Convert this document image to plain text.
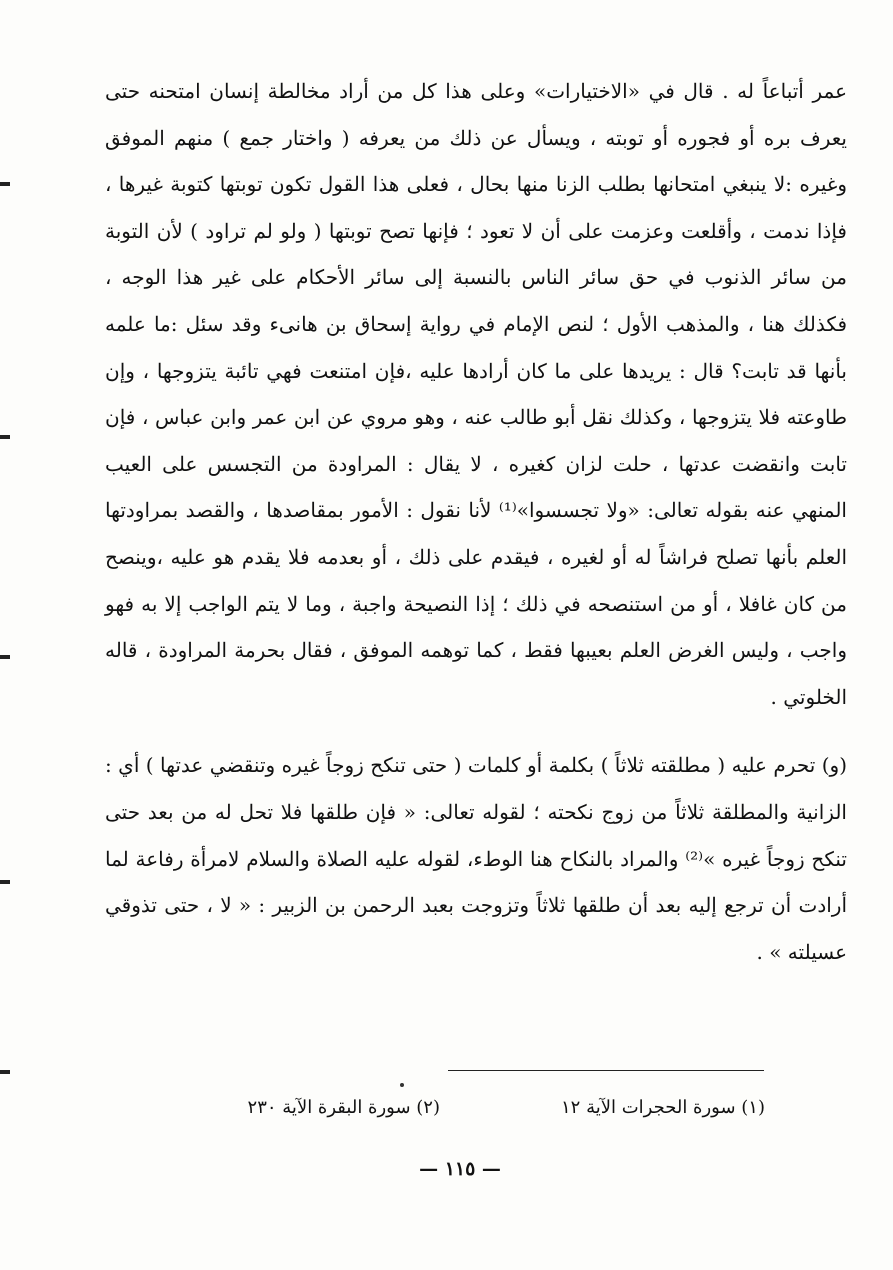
عمر أتباعاً له . قال في «الاختيارات» وعلى هذا كل من أراد مخالطة إنسان امتحنه حتى يعرف بره أو فجوره أو توبته ، ويسأل عن ذلك من يعرفه ( واختار جمع ) منهم الموفق وغيره :لا ينبغي امتحانها بطلب الزنا منها بحال ، فعلى هذا القول تكون توبتها كتوبة غيرها ، فإذا ندمت ، وأقلعت وعزمت على أن لا تعود ؛ فإنها تصح توبتها ( ولو لم تراود ) لأن التوبة من سائر الذنوب في حق سائر الناس بالنسبة إلى سائر الأحكام على غير هذا الوجه ، فكذلك هنا ، والمذهب الأول ؛ لنص الإمام في رواية إسحاق بن هانىء وقد سئل :ما علمه بأنها قد تابت؟ قال : يريدها على ما كان أرادها عليه ،فإن امتنعت فهي تائبة يتزوجها ، وإن طاوعته فلا يتزوجها ، وكذلك نقل أبو طالب عنه ، وهو مروي عن ابن عمر وابن عباس ، فإن تابت وانقضت عدتها ، حلت لزان كغيره ، لا يقال : المراودة من التجسس على العيب المنهي عنه بقوله تعالى: «ولا تجسسوا»⁽¹⁾ لأنا نقول : الأمور بمقاصدها ، والقصد بمراودتها العلم بأنها تصلح فراشاً له أو لغيره ، فيقدم على ذلك ، أو بعدمه فلا يقدم هو عليه ،وينصح من كان غافلا ، أو من استنصحه في ذلك ؛ إذا النصيحة واجبة ، وما لا يتم الواجب إلا به فهو واجب ، وليس الغرض العلم بعيبها فقط ، كما توهمه الموفق ، فقال بحرمة المراودة ، قاله الخلوتي .

(و) تحرم عليه ( مطلقته ثلاثاً ) بكلمة أو كلمات ( حتى تنكح زوجاً غيره وتنقضي عدتها ) أي : الزانية والمطلقة ثلاثاً من زوج نكحته ؛ لقوله تعالى: « فإن طلقها فلا تحل له من بعد حتى تنكح زوجاً غيره »⁽²⁾ والمراد بالنكاح هنا الوطء، لقوله عليه الصلاة والسلام لامرأة رفاعة لما أرادت أن ترجع إليه بعد أن طلقها ثلاثاً وتزوجت بعبد الرحمن بن الزبير : « لا ، حتى تذوقي عسيلته » .

(١) سورة الحجرات الآية ١٢
(٢) سورة البقرة الآية ٢٣٠
— ١١٥ —
